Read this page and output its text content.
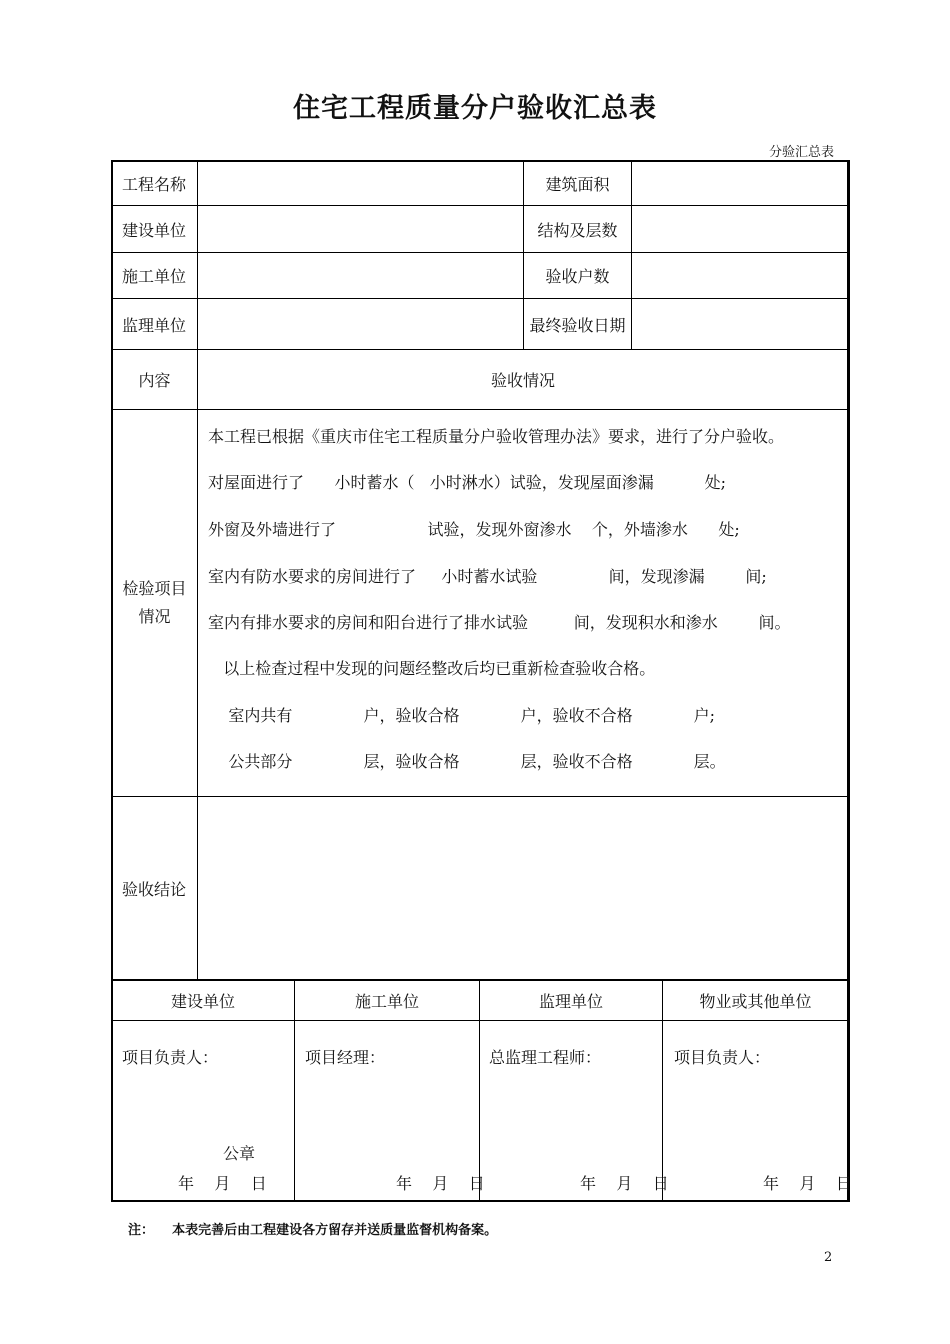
住宅工程质量分户验收汇总表
分验汇总表
工程名称	建筑面积
建设单位	结构及层数
施工单位	验收户数
监理单位	最终验收日期
内容	验收情况
检验项目
情况
本工程已根据《重庆市住宅工程质量分户验收管理办法》要求，进行了分户验收。
对屋面进行了      小时蓄水（   小时淋水）试验，发现屋面渗漏          处;
外窗及外墙进行了                  试验，发现外窗渗水    个，外墙渗水      处;
室内有防水要求的房间进行了     小时蓄水试验              间，发现渗漏        间;
室内有排水要求的房间和阳台进行了排水试验         间，发现积水和渗水        间。
以上检查过程中发现的问题经整改后均已重新检查验收合格。
室内共有              户，验收合格            户，验收不合格            户;
公共部分              层，验收合格            层，验收不合格            层。
验收结论
建设单位	施工单位	监理单位	物业或其他单位
项目负责人：	项目经理：	总监理工程师：	项目负责人：
公章
年    月    日	年    月    日	年    月    日	年    月    日
注：    本表完善后由工程建设各方留存并送质量监督机构备案。
2
